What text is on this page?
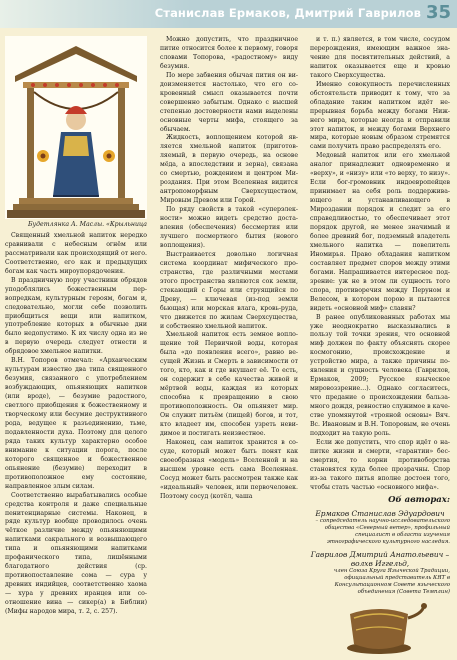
Станислав Ермаков, Дмитрий Гаврилов 35
Будетлянка А. Маслы. «Крыльница

Священный хмельной напиток нередко сравнивали с небесным огнём или рассматривали как происходящий от него. Соответственно, его как и предыдущих богам как часть мироупорядочения.

В праздничную пору участники обрядов уподоблялись божественным первопредкам, культурным героям, богам и, следовательно, могли себе позволить приобщиться вещи или напитком, употребление которых в обычные дни было недопустимо. К их числу одна из не в первую очередь следует отнести и обрядовое хмельное напитки.

В.Н. Топоров отмечал: «Архаическим культурам известно два типа священного безумия, связанного с употреблением возбуждающих, опьяняющих напитков (или вроде), — безумие радостного, светлого приобщения к божественному и творческому или бесумие деструктивного рода, ведущее к разъединению, тьме, подавленности духа. Поэтому для целого ряда таких культур характерно особое внимание к ситуации порога, после которого священное и божественное опьянение (безумие) переходит в противоположное ему состояние, направленное злым силам.

Соответственно вырабатывались особые средства контроля и даже специальные пенитенциарные системы. Наконец, в ряде культур вообще проводилось очень чёткое различие между опьяняющими напитками сакрального и возвышающего типа и опьяняющими напитками профанического типа, лишёнными благодатного действия (ср. противопоставление сома — сура у древних индийцев, соответственно хаома — хура у древних иранцев или соотношение вина — сикер(а) в Библии) (Мифы народов мира, т. 2, с. 257).

Можно допустить, что праздничное питие относится более к первому, говоря словами Топорова, «радостному» виду безумия.

По мере забвения обычая пития он видоизменяется настолько, что его сокровенный смысл оказывается почти совершенно забытым. Однако с высшей степенью достоверности нами выделены основные черты мифа, стоящего за обычаем.

Жидкость, воплощением которой является хмельной напиток (приготовляемый, в первую очередь, на основе мёда, а впоследствии и зерна), связана со смертью, рождением и центром Мироздания. При этом Вселенная видится антропоморфным Сверхсуществом, Мировым Древом или Горой.

По ряду свойств в такой «суперэлекности» можно видеть средство доставления (обеспечения) бессмертия или лучшего посмертного бытия (нового воплощения).

Выстраивается довольно логичная система координат мифического пространства, где различными местами этого пространства являются сок земли, стекающий с Горы или струящийся по Древу, — ключевая (из-под земли бьющая) или морская влага, кровь-руда, что движется по жилам Сверхсущества, и собственно хмельной напиток.

Хмельной напиток есть земное воплощение той Первичной воды, которая была «до появления всего», равно весущей Жизнь и Смерть в зависимости от того, кто, как и где вкушает её. То есть, он содержит в себе качества живой и мёртвой воды, каждая из которых способна к превращению в свою противоположность. Он опьяняет мир. Он служит питьём (пищей) богов, и тот, кто владеет им, способен узреть невидимое и постигать неизвестное.

Наконец, сам напиток хранится в сосуде, который может быть понят как своеобразная «модель» Вселенной и на высшем уровне есть сама Вселенная. Сосуд может быть рассмотрен также как «идеальный» человек, или первочеловек. Поэтому сосуд (котёл, чаша

и т. п.) является, в том числе, сосудом перерождения, имеющим важное значение для посвятительных действий, а напиток оказывается еще и кровью такого Сверхсущества.

Именно совокупность перечисленных обстоятельств приводит к тому, что за обладание таким напитком идёт непрерывная борьба между богами Нижнего мира, которые неогда и отправили этот напиток, и между богами Верхнего мира, которые новым образом стремятся сами получить право распределять его.

Медовый напиток или его хмельной аналог принадлежит одновременно и «верху», и «низу» или «то верху, то низу». Если бог-громовник индоевропейцев принимает на себя роль поддерживающего и устанавливающего в Мироздании порядок и следит за его справедливостью, то обеспечивает этот порядок другой, не менее значимый и более древний бог, подземный владетель хмельного напитка — повелитель Иномирья. Право обладания напитком составляет предмет споров между этими богами. Напрашивается интересное подзрение: уж не в этом ли сущность того спора, противоречия между Перуном и Велесом, в котором порою и пытаются видеть «основной миф» славян?

В ранее опубликованных работах мы уже неоднократно высказывались в пользу той точки зрения, что основной миф должен по факту объяснять скорее космогонию, происхождение и устройство мира, а также причины появления и сущность человека (Гаврилов, Ермаков, 2009; Русское языческое мировоззрение…). Однако согласитесь, что предание о происхождении бальзамного дождя, ревностно служимое в качестве упомянутой «трояной основы» Вяч. Вс. Ивановым и В.Н. Топоровым, не очень подходит на такую роль.

Если же допустить, что спор идёт о напитке жизни и смерти, «гарантии» бессмертия, то корни противоборства становятся куда более прозрачны. Спор из-за такого питья вполне достоен того, чтобы стать частью «основного мифа».

Об авторах:
Ермаков Станислав Эдуардович
– сопредседатель научно-исследовательского общества «Северный ветер», профильный специалист в области изучения этнографического культурного наследия.
Гаврилов Дмитрий Анатольевич – волхв Иггельд,
член Союза Круга Языческой Традиции, официальный представитель КЯТ в Консультационном Совете языческого объединения (Совета Темплин)
